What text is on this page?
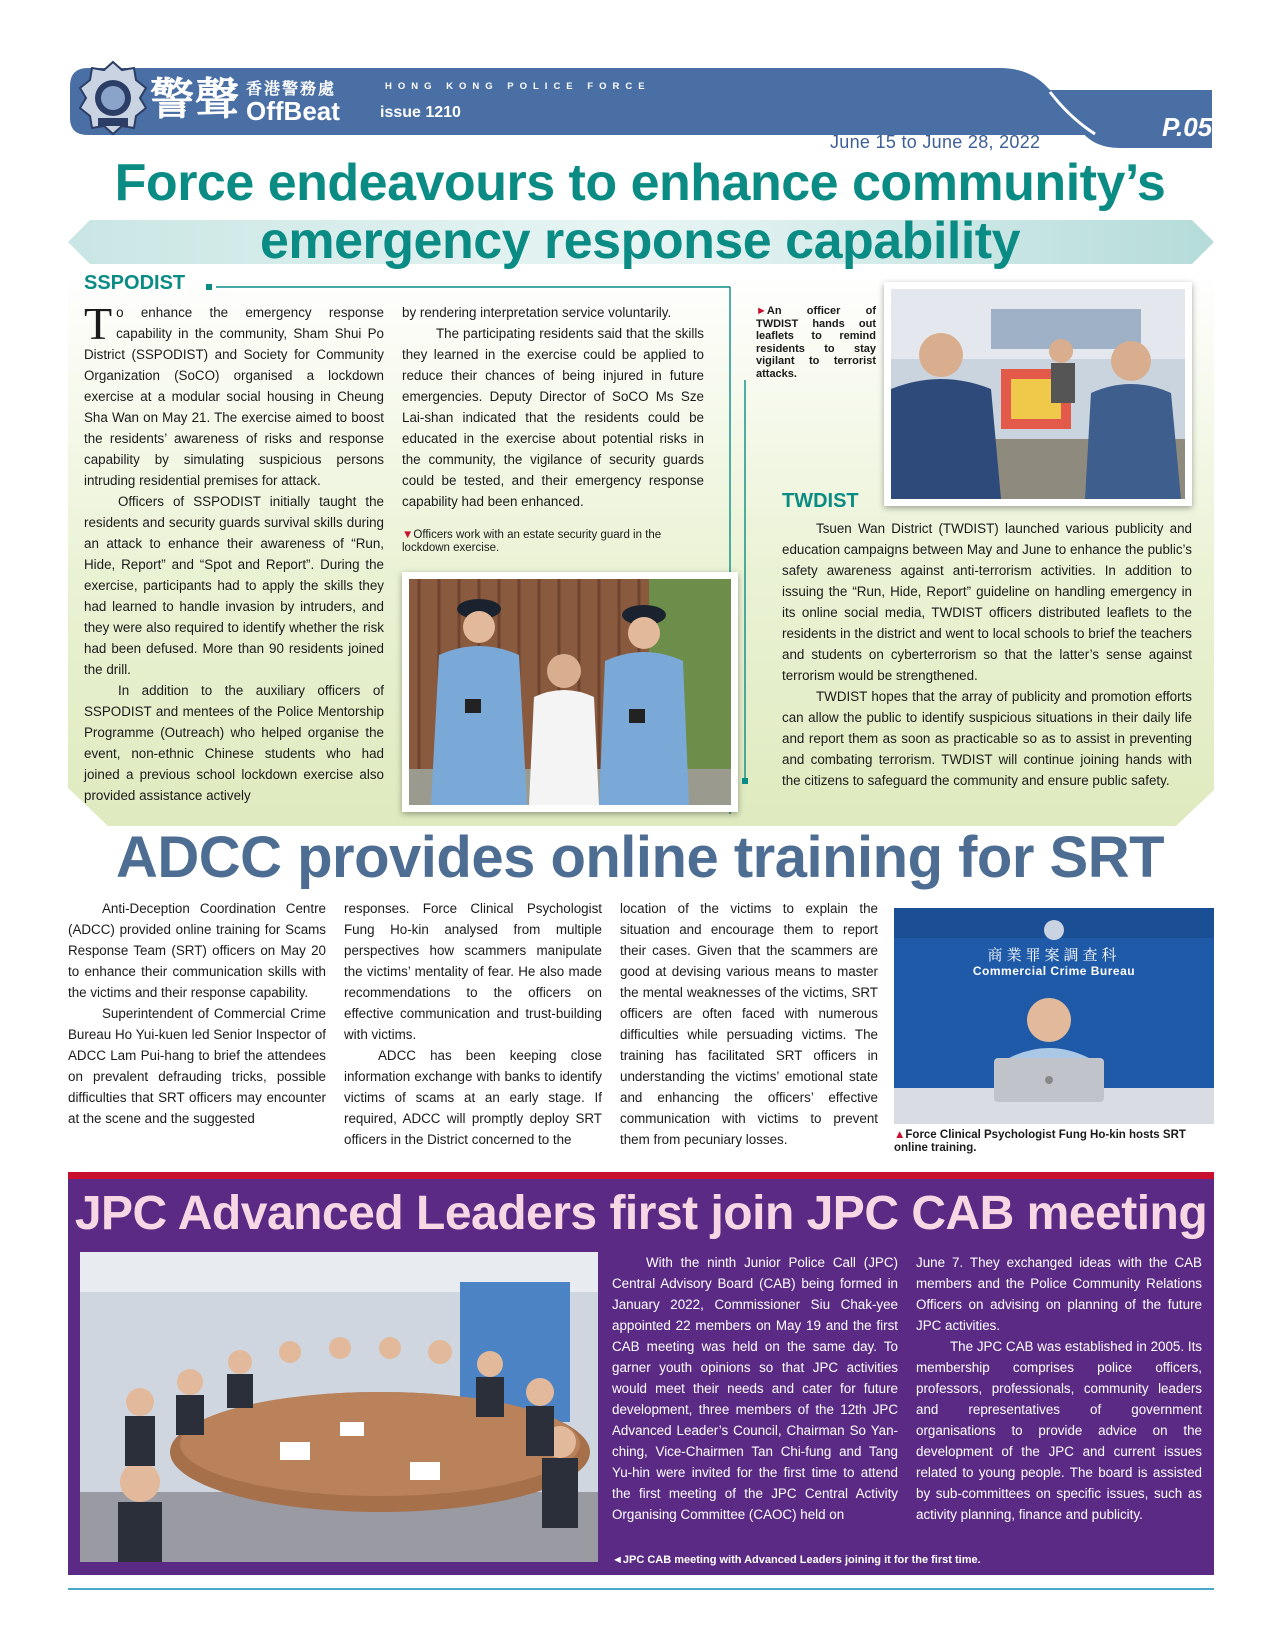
警聲 香港警務處	HONG KONG POLICE FORCE
OffBeat	issue 1210
June 15 to June 28, 2022	P.05
Force endeavours to enhance community’s
emergency response capability
SSPODIST

To enhance the emergency response capability in the community, Sham Shui Po District (SSPODIST) and Society for Community Organization (SoCO) organised a lockdown exercise at a modular social housing in Cheung Sha Wan on May 21. The exercise aimed to boost the residents’ awareness of risks and response capability by simulating suspicious persons intruding residential premises for attack.

Officers of SSPODIST initially taught the residents and security guards survival skills during an attack to enhance their awareness of “Run, Hide, Report” and “Spot and Report”. During the exercise, participants had to apply the skills they had learned to handle invasion by intruders, and they were also required to identify whether the risk had been defused. More than 90 residents joined the drill.

In addition to the auxiliary officers of SSPODIST and mentees of the Police Mentorship Programme (Outreach) who helped organise the event, non-ethnic Chinese students who had joined a previous school lockdown exercise also provided assistance actively

by rendering interpretation service voluntarily.

The participating residents said that the skills they learned in the exercise could be applied to reduce their chances of being injured in future emergencies. Deputy Director of SoCO Ms Sze Lai-shan indicated that the residents could be educated in the exercise about potential risks in the community, the vigilance of security guards could be tested, and their emergency response capability had been enhanced.

▼Officers work with an estate security guard in the lockdown exercise.
►An officer of TWDIST hands out leaflets to remind residents to stay vigilant to terrorist attacks.
TWDIST

Tsuen Wan District (TWDIST) launched various publicity and education campaigns between May and June to enhance the public’s safety awareness against anti-terrorism activities. In addition to issuing the “Run, Hide, Report” guideline on handling emergency in its online social media, TWDIST officers distributed leaflets to the residents in the district and went to local schools to brief the teachers and students on cyberterrorism so that the latter’s sense against terrorism would be strengthened.

TWDIST hopes that the array of publicity and promotion efforts can allow the public to identify suspicious situations in their daily life and report them as soon as practicable so as to assist in preventing and combating terrorism. TWDIST will continue joining hands with the citizens to safeguard the community and ensure public safety.

ADCC provides online training for SRT

Anti-Deception Coordination Centre (ADCC) provided online training for Scams Response Team (SRT) officers on May 20 to enhance their communication skills with the victims and their response capability.

Superintendent of Commercial Crime Bureau Ho Yui-kuen led Senior Inspector of ADCC Lam Pui-hang to brief the attendees on prevalent defrauding tricks, possible difficulties that SRT officers may encounter at the scene and the suggested

responses. Force Clinical Psychologist Fung Ho-kin analysed from multiple perspectives how scammers manipulate the victims’ mentality of fear. He also made recommendations to the officers on effective communication and trust-building with victims.

ADCC has been keeping close information exchange with banks to identify victims of scams at an early stage. If required, ADCC will promptly deploy SRT officers in the District concerned to the

location of the victims to explain the situation and encourage them to report their cases. Given that the scammers are good at devising various means to master the mental weaknesses of the victims, SRT officers are often faced with numerous difficulties while persuading victims. The training has facilitated SRT officers in understanding the victims’ emotional state and enhancing the officers’ effective communication with victims to prevent them from pecuniary losses.

商業罪案調查科
Commercial Crime Bureau
▲Force Clinical Psychologist Fung Ho-kin hosts SRT online training.
JPC Advanced Leaders first join JPC CAB meeting

With the ninth Junior Police Call (JPC) Central Advisory Board (CAB) being formed in January 2022, Commissioner Siu Chak-yee appointed 22 members on May 19 and the first CAB meeting was held on the same day. To garner youth opinions so that JPC activities would meet their needs and cater for future development, three members of the 12th JPC Advanced Leader’s Council, Chairman So Yan-ching, Vice-Chairmen Tan Chi-fung and Tang Yu-hin were invited for the first time to attend the first meeting of the JPC Central Activity Organising Committee (CAOC) held on

June 7. They exchanged ideas with the CAB members and the Police Community Relations Officers on advising on planning of the future JPC activities.

The JPC CAB was established in 2005. Its membership comprises police officers, professors, professionals, community leaders and representatives of government organisations to provide advice on the development of the JPC and current issues related to young people. The board is assisted by sub-committees on specific issues, such as activity planning, finance and publicity.

◄JPC CAB meeting with Advanced Leaders joining it for the first time.
